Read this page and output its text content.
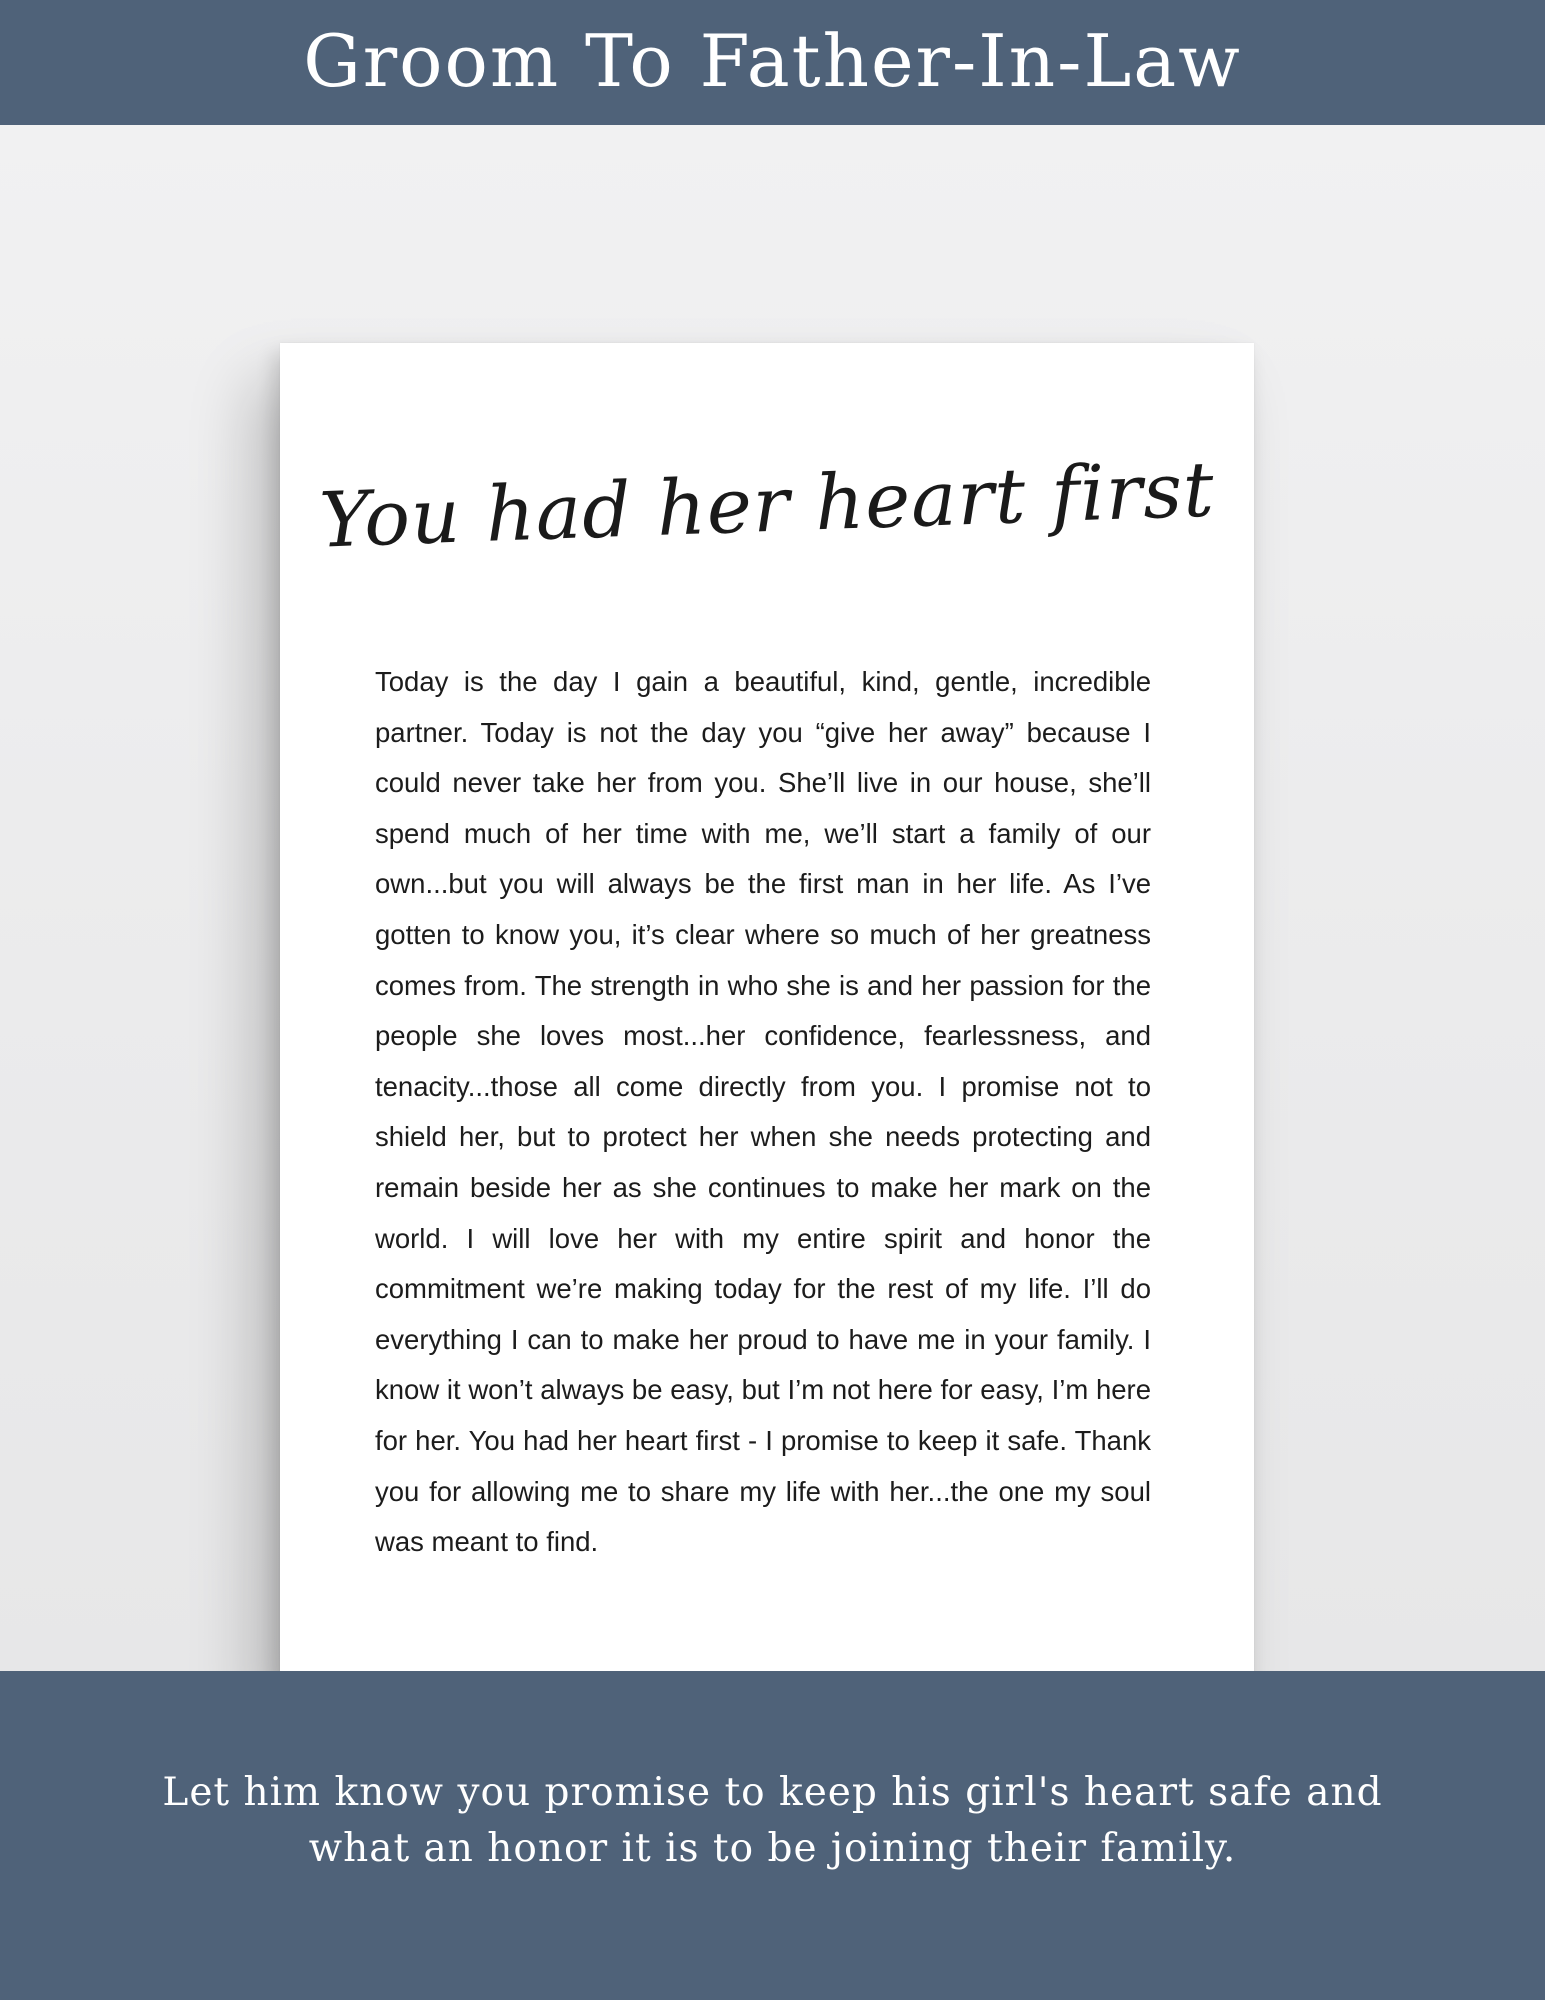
Groom To Father-In-Law
You had her heart first

Today is the day I gain a beautiful, kind, gentle, incredible partner. Today is not the day you “give her away” because I could never take her from you. She’ll live in our house, she’ll spend much of her time with me, we’ll start a family of our own...but you will always be the first man in her life. As I’ve gotten to know you, it’s clear where so much of her greatness comes from. The strength in who she is and her passion for the people she loves most...her confidence, fearlessness, and tenacity...those all come directly from you. I promise not to shield her, but to protect her when she needs protecting and remain beside her as she continues to make her mark on the world. I will love her with my entire spirit and honor the commitment we’re making today for the rest of my life. I’ll do everything I can to make her proud to have me in your family. I know it won’t always be easy, but I’m not here for easy, I’m here for her. You had her heart first - I promise to keep it safe. Thank you for allowing me to share my life with her...the one my soul was meant to find.

Let him know you promise to keep his girl's heart safe and what an honor it is to be joining their family.
